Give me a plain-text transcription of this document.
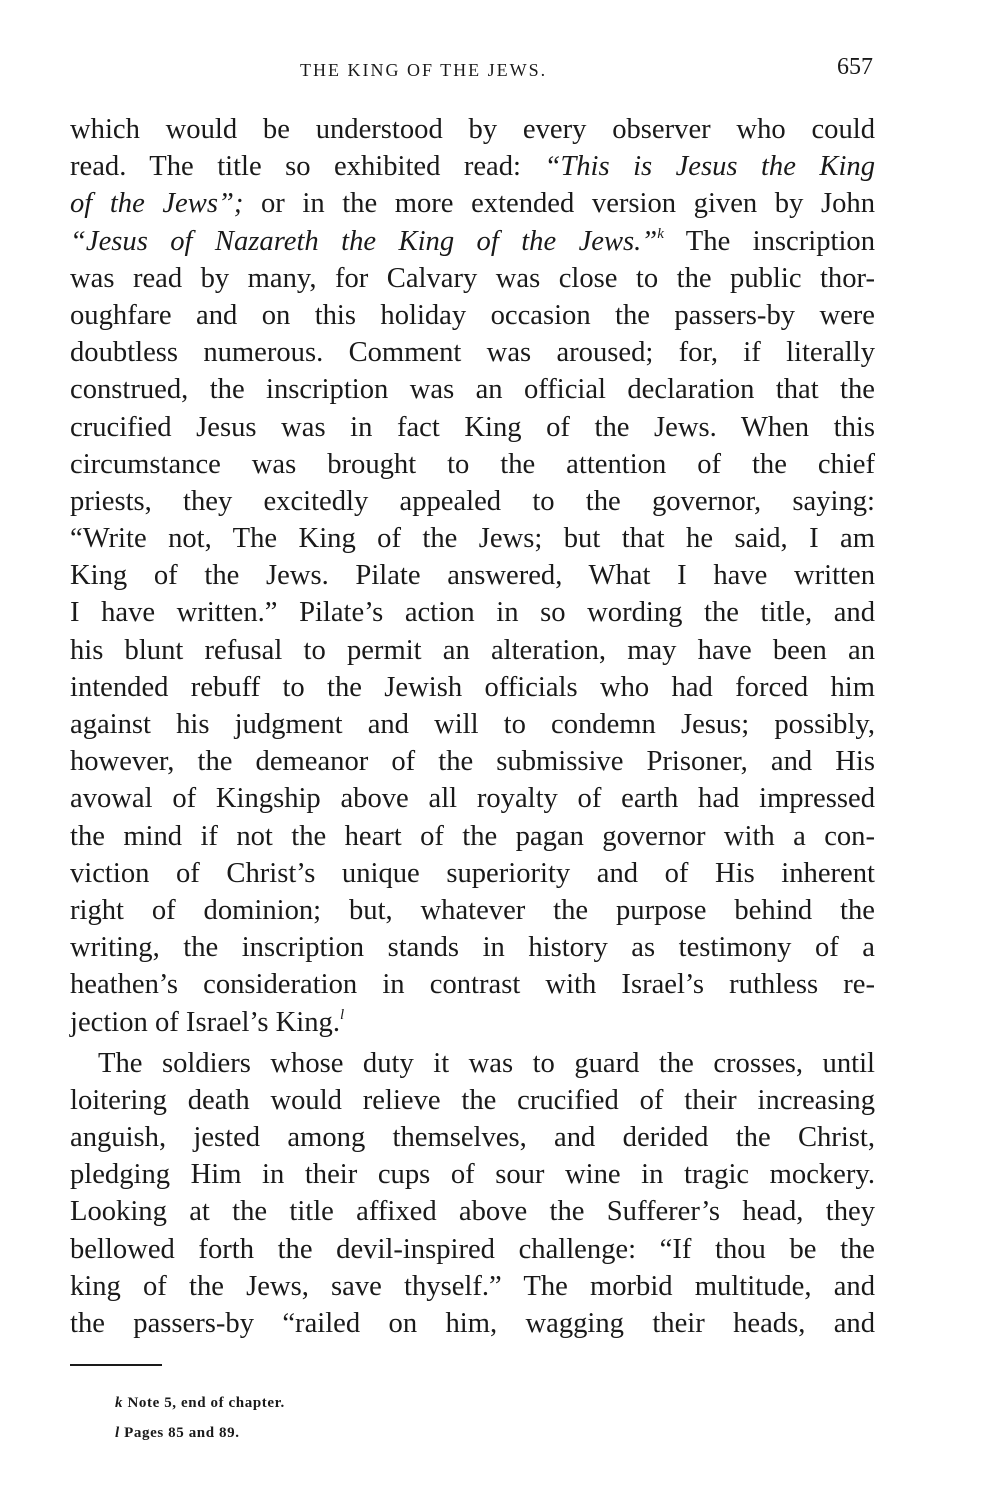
THE KING OF THE JEWS.	657
which would be understood by every observer who could
read. The title so exhibited read: “This is Jesus the King
of the Jews”; or in the more extended version given by John
“Jesus of Nazareth the King of the Jews.”$^k$ The inscription
was read by many, for Calvary was close to the public thor-
oughfare and on this holiday occasion the passers-by were
doubtless numerous. Comment was aroused; for, if literally
construed, the inscription was an official declaration that the
crucified Jesus was in fact King of the Jews. When this
circumstance was brought to the attention of the chief
priests, they excitedly appealed to the governor, saying:
“Write not, The King of the Jews; but that he said, I am
King of the Jews. Pilate answered, What I have written
I have written.” Pilate’s action in so wording the title, and
his blunt refusal to permit an alteration, may have been an
intended rebuff to the Jewish officials who had forced him
against his judgment and will to condemn Jesus; possibly,
however, the demeanor of the submissive Prisoner, and His
avowal of Kingship above all royalty of earth had impressed
the mind if not the heart of the pagan governor with a con-
viction of Christ’s unique superiority and of His inherent
right of dominion; but, whatever the purpose behind the
writing, the inscription stands in history as testimony of a
heathen’s consideration in contrast with Israel’s ruthless re-
jection of Israel’s King.$^l$
The soldiers whose duty it was to guard the crosses, until
loitering death would relieve the crucified of their increasing
anguish, jested among themselves, and derided the Christ,
pledging Him in their cups of sour wine in tragic mockery.
Looking at the title affixed above the Sufferer’s head, they
bellowed forth the devil-inspired challenge: “If thou be the
king of the Jews, save thyself.” The morbid multitude, and
the passers-by “railed on him, wagging their heads, and
k Note 5, end of chapter.
l Pages 85 and 89.
